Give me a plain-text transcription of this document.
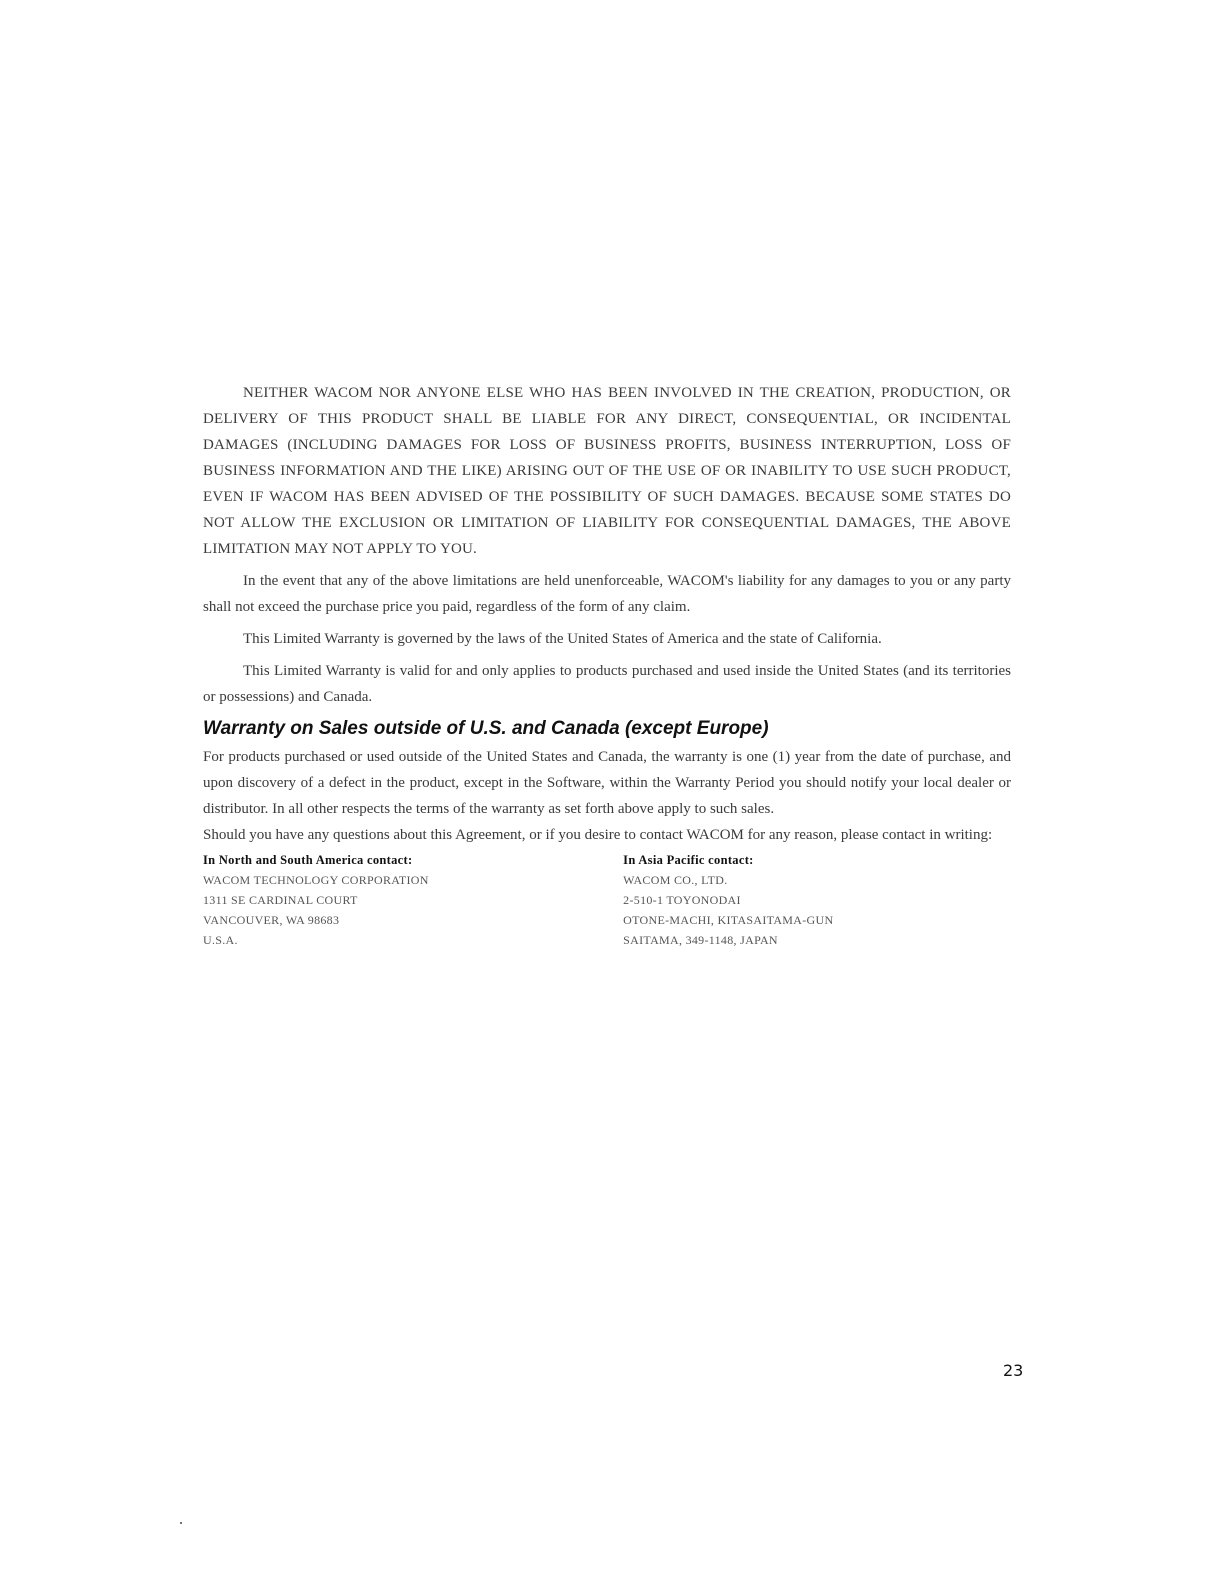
NEITHER WACOM NOR ANYONE ELSE WHO HAS BEEN INVOLVED IN THE CREATION, PRODUCTION, OR DELIVERY OF THIS PRODUCT SHALL BE LIABLE FOR ANY DIRECT, CONSEQUENTIAL, OR INCIDENTAL DAMAGES (INCLUDING DAMAGES FOR LOSS OF BUSINESS PROFITS, BUSINESS INTERRUPTION, LOSS OF BUSINESS INFORMATION AND THE LIKE) ARISING OUT OF THE USE OF OR INABILITY TO USE SUCH PRODUCT, EVEN IF WACOM HAS BEEN ADVISED OF THE POSSIBILITY OF SUCH DAMAGES. BECAUSE SOME STATES DO NOT ALLOW THE EXCLUSION OR LIMITATION OF LIABILITY FOR CONSEQUENTIAL DAMAGES, THE ABOVE LIMITATION MAY NOT APPLY TO YOU.

In the event that any of the above limitations are held unenforceable, WACOM's liability for any damages to you or any party shall not exceed the purchase price you paid, regardless of the form of any claim.

This Limited Warranty is governed by the laws of the United States of America and the state of California.

This Limited Warranty is valid for and only applies to products purchased and used inside the United States (and its territories or possessions) and Canada.

Warranty on Sales outside of U.S. and Canada (except Europe)

For products purchased or used outside of the United States and Canada, the warranty is one (1) year from the date of purchase, and upon discovery of a defect in the product, except in the Software, within the Warranty Period you should notify your local dealer or distributor. In all other respects the terms of the warranty as set forth above apply to such sales.

Should you have any questions about this Agreement, or if you desire to contact WACOM for any reason, please contact in writing:

In North and South America contact:
WACOM TECHNOLOGY CORPORATION
1311 SE CARDINAL COURT
VANCOUVER, WA 98683
U.S.A.
In Asia Pacific contact:
WACOM CO., LTD.
2-510-1 TOYONODAI
OTONE-MACHI, KITASAITAMA-GUN
SAITAMA, 349-1148, JAPAN
23
